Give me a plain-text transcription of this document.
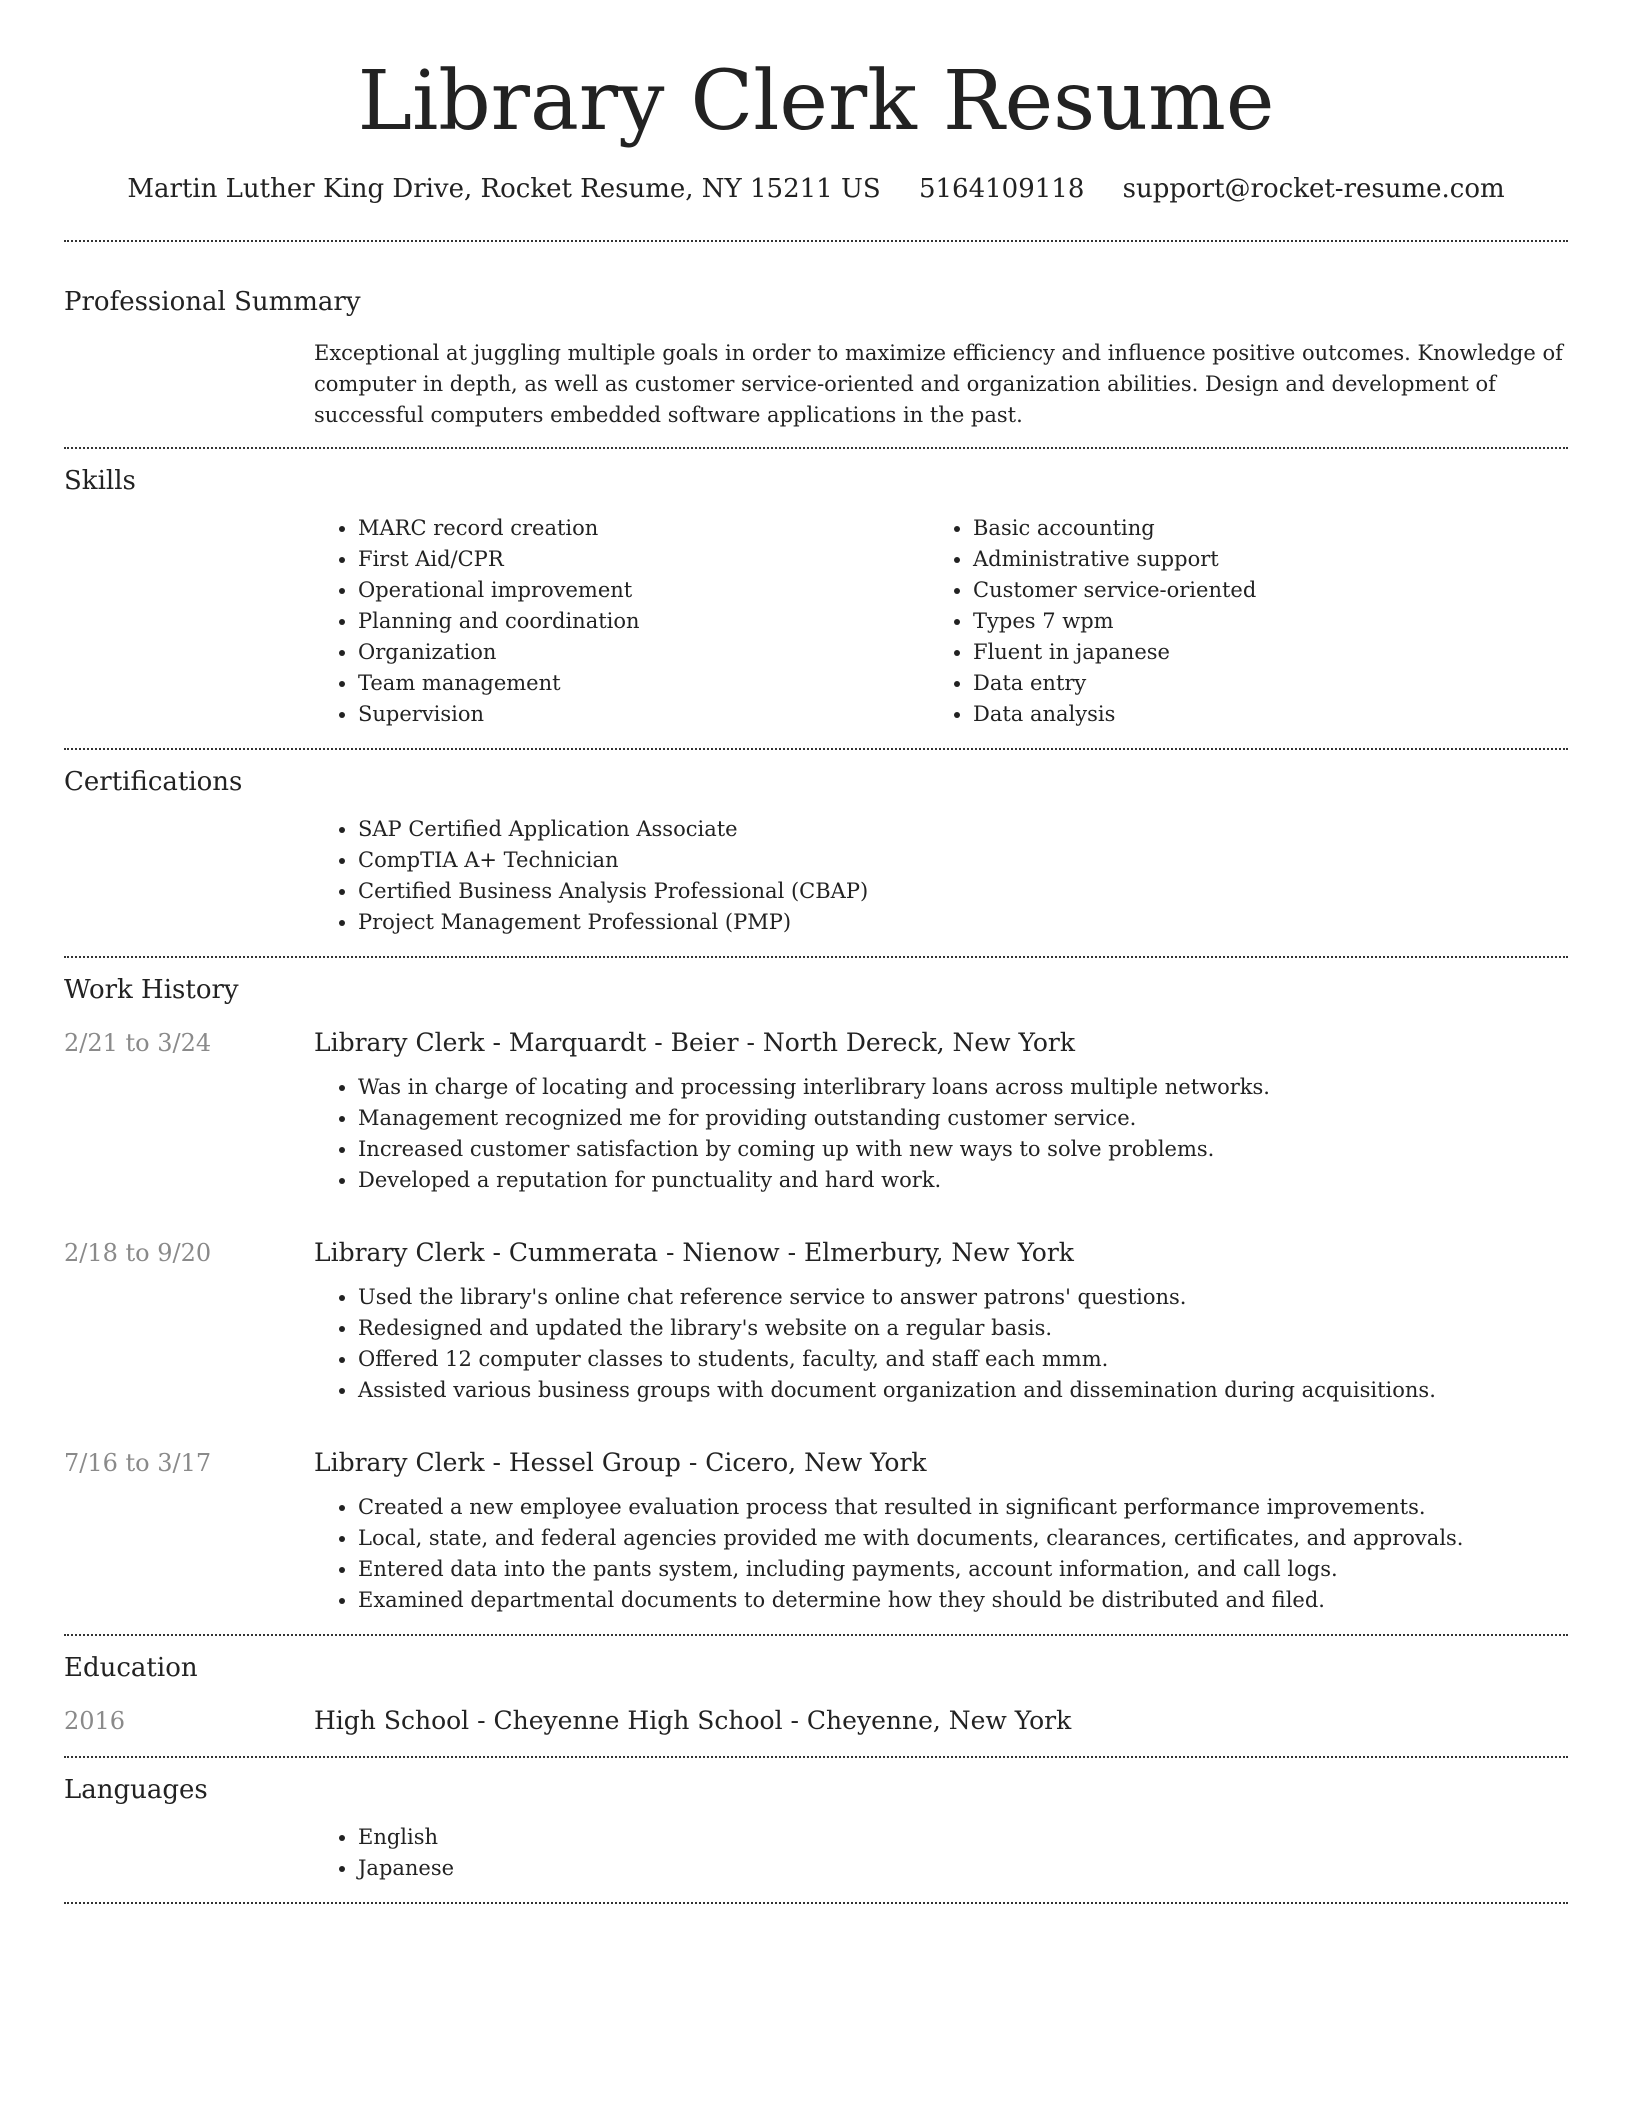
Library Clerk Resume
Martin Luther King Drive, Rocket Resume, NY 15211 US 5164109118 support@rocket-resume.com
Professional Summary

Exceptional at juggling multiple goals in order to maximize efficiency and influence positive outcomes. Knowledge of computer in depth, as well as customer service-oriented and organization abilities. Design and development of successful computers embedded software applications in the past.

Skills
• MARC record creation
• First Aid/CPR
• Operational improvement
• Planning and coordination
• Organization
• Team management
• Supervision
• Basic accounting
• Administrative support
• Customer service-oriented
• Types 7 wpm
• Fluent in japanese
• Data entry
• Data analysis
Certifications
• SAP Certified Application Associate
• CompTIA A+ Technician
• Certified Business Analysis Professional (CBAP)
• Project Management Professional (PMP)
Work History
2/21 to 3/24	Library Clerk - Marquardt - Beier - North Dereck, New York
• Was in charge of locating and processing interlibrary loans across multiple networks.
• Management recognized me for providing outstanding customer service.
• Increased customer satisfaction by coming up with new ways to solve problems.
• Developed a reputation for punctuality and hard work.
2/18 to 9/20	Library Clerk - Cummerata - Nienow - Elmerbury, New York
• Used the library's online chat reference service to answer patrons' questions.
• Redesigned and updated the library's website on a regular basis.
• Offered 12 computer classes to students, faculty, and staff each mmm.
• Assisted various business groups with document organization and dissemination during acquisitions.
7/16 to 3/17	Library Clerk - Hessel Group - Cicero, New York
• Created a new employee evaluation process that resulted in significant performance improvements.
• Local, state, and federal agencies provided me with documents, clearances, certificates, and approvals.
• Entered data into the pants system, including payments, account information, and call logs.
• Examined departmental documents to determine how they should be distributed and filed.
Education
2016	High School - Cheyenne High School - Cheyenne, New York
Languages
• English
• Japanese
